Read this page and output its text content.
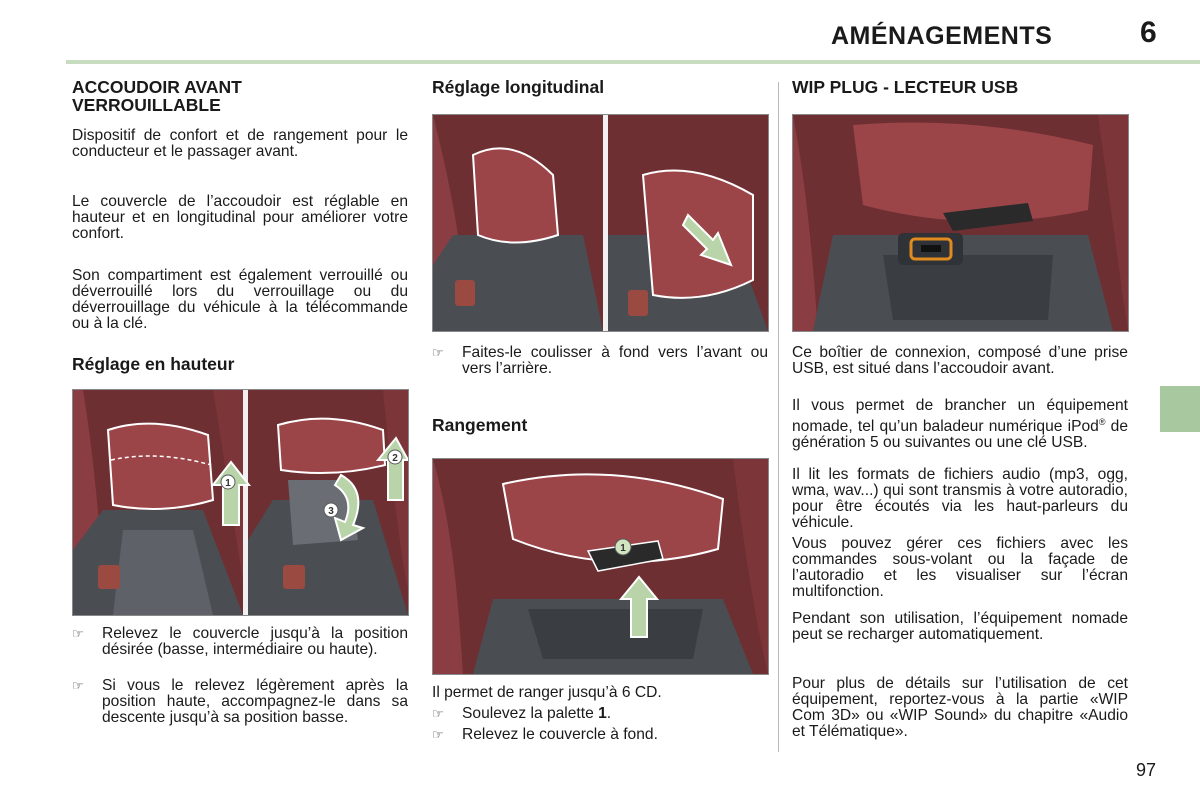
AMÉNAGEMENTS	6
ACCOUDOIR AVANT VERROUILLABLE
Dispositif de confort et de rangement pour le conducteur et le passager avant.
Le couvercle de l’accoudoir est réglable en hauteur et en longitudinal pour améliorer votre confort.
Son compartiment est également verrouillé ou déverrouillé lors du verrouillage ou du déverrouillage du véhicule à la télécommande ou à la clé.
Réglage en hauteur
1
2
3
☞ Relevez le couvercle jusqu’à la position désirée (basse, intermédiaire ou haute).
☞ Si vous le relevez légèrement après la position haute, accompagnez-le dans sa descente jusqu’à sa position basse.
Réglage longitudinal
☞ Faites-le coulisser à fond vers l’avant ou vers l’arrière.
Rangement
1
Il permet de ranger jusqu’à 6 CD.
☞ Soulevez la palette 1.
☞ Relevez le couvercle à fond.
WIP PLUG - LECTEUR USB
Ce boîtier de connexion, composé d’une prise USB, est situé dans l’accoudoir avant.
Il vous permet de brancher un équipement nomade, tel qu’un baladeur numérique iPod® de génération 5 ou suivantes ou une clé USB.
Il lit les formats de fichiers audio (mp3, ogg, wma, wav...) qui sont transmis à votre autoradio, pour être écoutés via les haut-parleurs du véhicule.
Vous pouvez gérer ces fichiers avec les commandes sous-volant ou la façade de l’autoradio et les visualiser sur l’écran multifonction.
Pendant son utilisation, l’équipement nomade peut se recharger automatiquement.
Pour plus de détails sur l’utilisation de cet équipement, reportez-vous à la partie «WIP Com 3D» ou «WIP Sound» du chapitre «Audio et Télématique».
97
